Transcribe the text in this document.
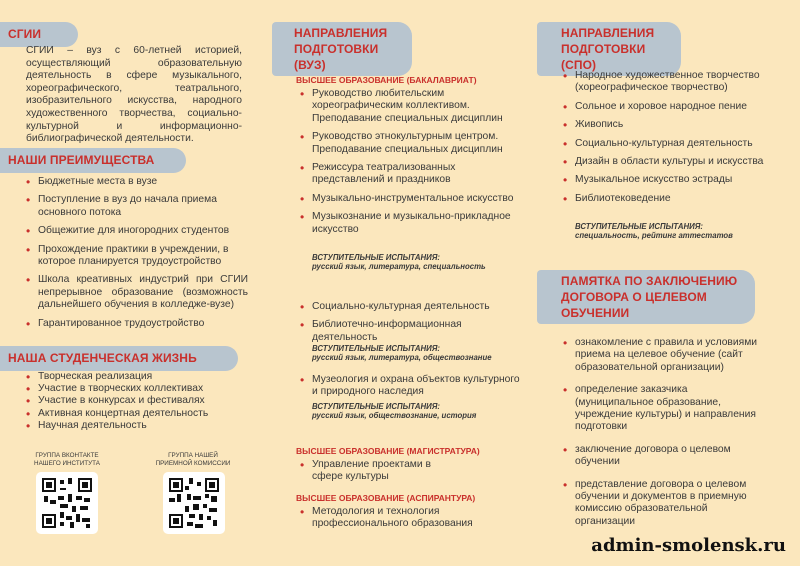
СГИИ
СГИИ – вуз с 60-летней историей, осуществляющий образовательную деятельность в сфере музыкального, хореографического, театрального, изобразительного искусства, народного художественного творчества, социально-культурной и информационно-библиографической деятельности.
НАШИ ПРЕИМУЩЕСТВА
• Бюджетные места в вузе
• Поступление в вуз до начала приема основного потока
• Общежитие для иногородних студентов
• Прохождение практики в учреждении, в которое планируется трудоустройство
• Школа креативных индустрий при СГИИ непрерывное образование (возможность дальнейшего обучения в колледже-вузе)
• Гарантированное трудоустройство
НАША СТУДЕНЧЕСКАЯ ЖИЗНЬ
• Творческая реализация
• Участие в творческих коллективах
• Участие в конкурсах и фестивалях
• Активная концертная деятельность
• Научная деятельность
ГРУППА ВКОНТАКТЕ НАШЕГО ИНСТИТУТА
ГРУППА НАШЕЙ ПРИЕМНОЙ КОМИССИИ
НАПРАВЛЕНИЯ ПОДГОТОВКИ (ВУЗ)
ВЫСШЕЕ ОБРАЗОВАНИЕ (БАКАЛАВРИАТ)
• Руководство любительским хореографическим коллективом. Преподавание специальных дисциплин
• Руководство этнокультурным центром. Преподавание специальных дисциплин
• Режиссура театрализованных представлений и праздников
• Музыкально-инструментальное искусство
• Музыкознание и музыкально-прикладное искусство
ВСТУПИТЕЛЬНЫЕ ИСПЫТАНИЯ:
русский язык, литература, специальность
• Социально-культурная деятельность
• Библиотечно-информационная деятельность
ВСТУПИТЕЛЬНЫЕ ИСПЫТАНИЯ:
русский язык, литература, обществознание
• Музеология и охрана объектов культурного и природного наследия
ВСТУПИТЕЛЬНЫЕ ИСПЫТАНИЯ:
русский язык, обществознание, история
ВЫСШЕЕ ОБРАЗОВАНИЕ (МАГИСТРАТУРА)
• Управление проектами в сфере культуры
ВЫСШЕЕ ОБРАЗОВАНИЕ (АСПИРАНТУРА)
• Методология и технология профессионального образования
НАПРАВЛЕНИЯ ПОДГОТОВКИ (СПО)
• Народное художественное творчество (хореографическое творчество)
• Сольное и хоровое народное пение
• Живопись
• Социально-культурная деятельность
• Дизайн в области культуры и искусства
• Музыкальное искусство эстрады
• Библиотековедение
ВСТУПИТЕЛЬНЫЕ ИСПЫТАНИЯ:
специальность, рейтинг аттестатов
ПАМЯТКА ПО ЗАКЛЮЧЕНИЮ ДОГОВОРА О ЦЕЛЕВОМ ОБУЧЕНИИ
• ознакомление с правила и условиями приема на целевое обучение (сайт образовательной организации)
• определение заказчика (муниципальное образование, учреждение культуры) и направления подготовки
• заключение договора о целевом обучении
• представление договора о целевом обучении и документов в приемную комиссию образовательной организации
admin-smolensk.ru
